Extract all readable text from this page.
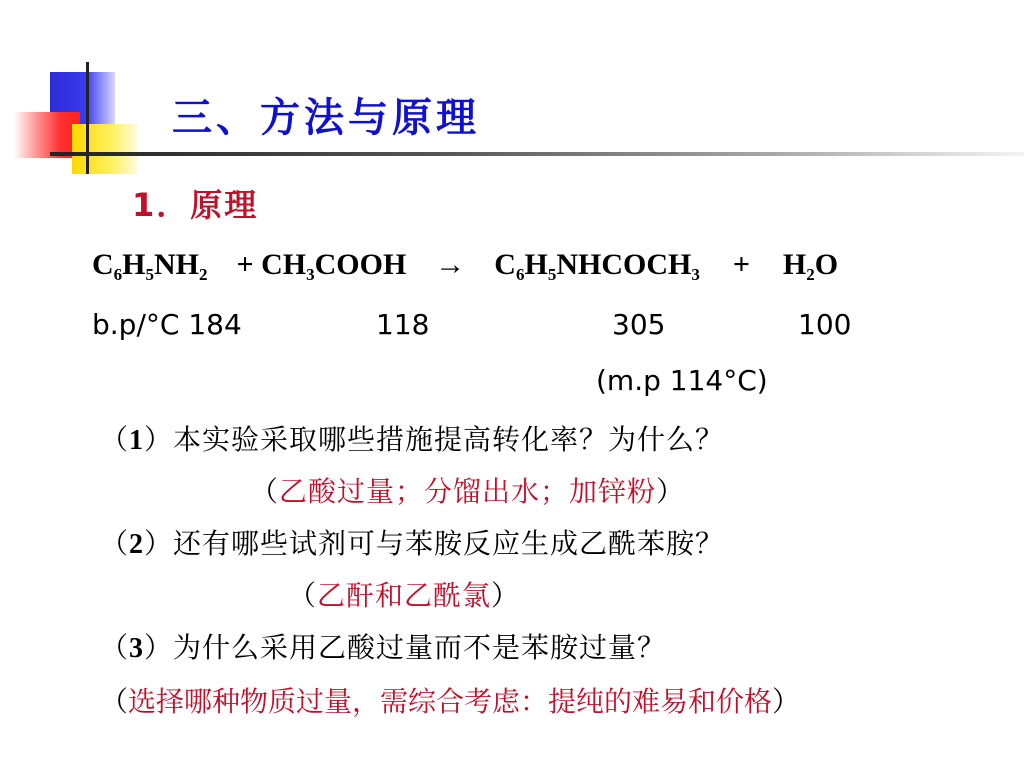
三、方法与原理
1．原理
$C_6H_5NH_2$ + $CH_3COOH$ → $C_6H_5NHCOCH_3 + H_2O$
b.p/°C 184	118	305	100
(m.p 114°C)
（1）本实验采取哪些措施提高转化率？为什么？
（乙酸过量；分馏出水；加锌粉）
（2）还有哪些试剂可与苯胺反应生成乙酰苯胺？
（乙酐和乙酰氯）
（3）为什么采用乙酸过量而不是苯胺过量？
（选择哪种物质过量，需综合考虑：提纯的难易和价格）
